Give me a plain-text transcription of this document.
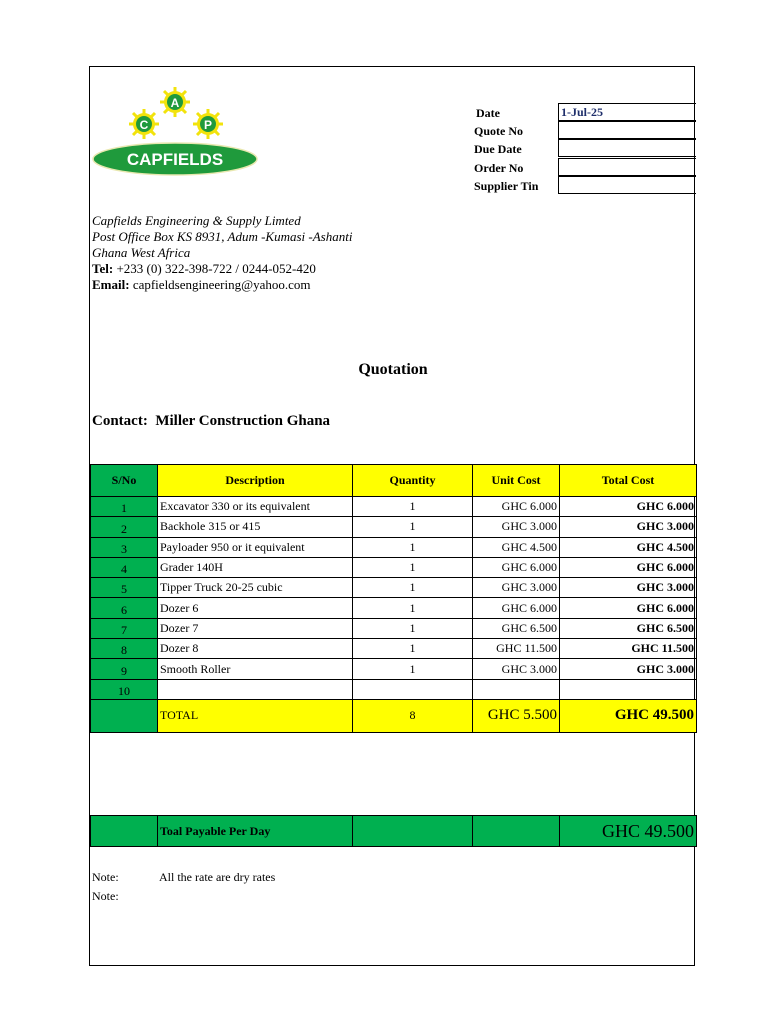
A
C	P
CAPFIELDS
Date	1-Jul-25
Quote No
Due Date
Order No
Supplier Tin
Capfields Engineering & Supply Limted
Post Office Box KS 8931, Adum -Kumasi -Ashanti
Ghana West Africa
Tel: +233 (0) 322-398-722 / 0244-052-420
Email: capfieldsengineering@yahoo.com
Quotation
Contact: Miller Construction Ghana
S/No	Description	Quantity	Unit Cost	Total Cost
1	Excavator 330 or its equivalent	1	GHC 6.000	GHC 6.000
2	Backhole 315 or 415	1	GHC 3.000	GHC 3.000
3	Payloader 950 or it equivalent	1	GHC 4.500	GHC 4.500
4	Grader 140H	1	GHC 6.000	GHC 6.000
5	Tipper Truck 20-25 cubic	1	GHC 3.000	GHC 3.000
6	Dozer 6	1	GHC 6.000	GHC 6.000
7	Dozer 7	1	GHC 6.500	GHC 6.500
8	Dozer 8	1	GHC 11.500	GHC 11.500
9	Smooth Roller	1	GHC 3.000	GHC 3.000
10				
	TOTAL	8	GHC 5.500	GHC 49.500
	Toal Payable Per Day			GHC 49.500
Note:	All the rate are dry rates
Note:
